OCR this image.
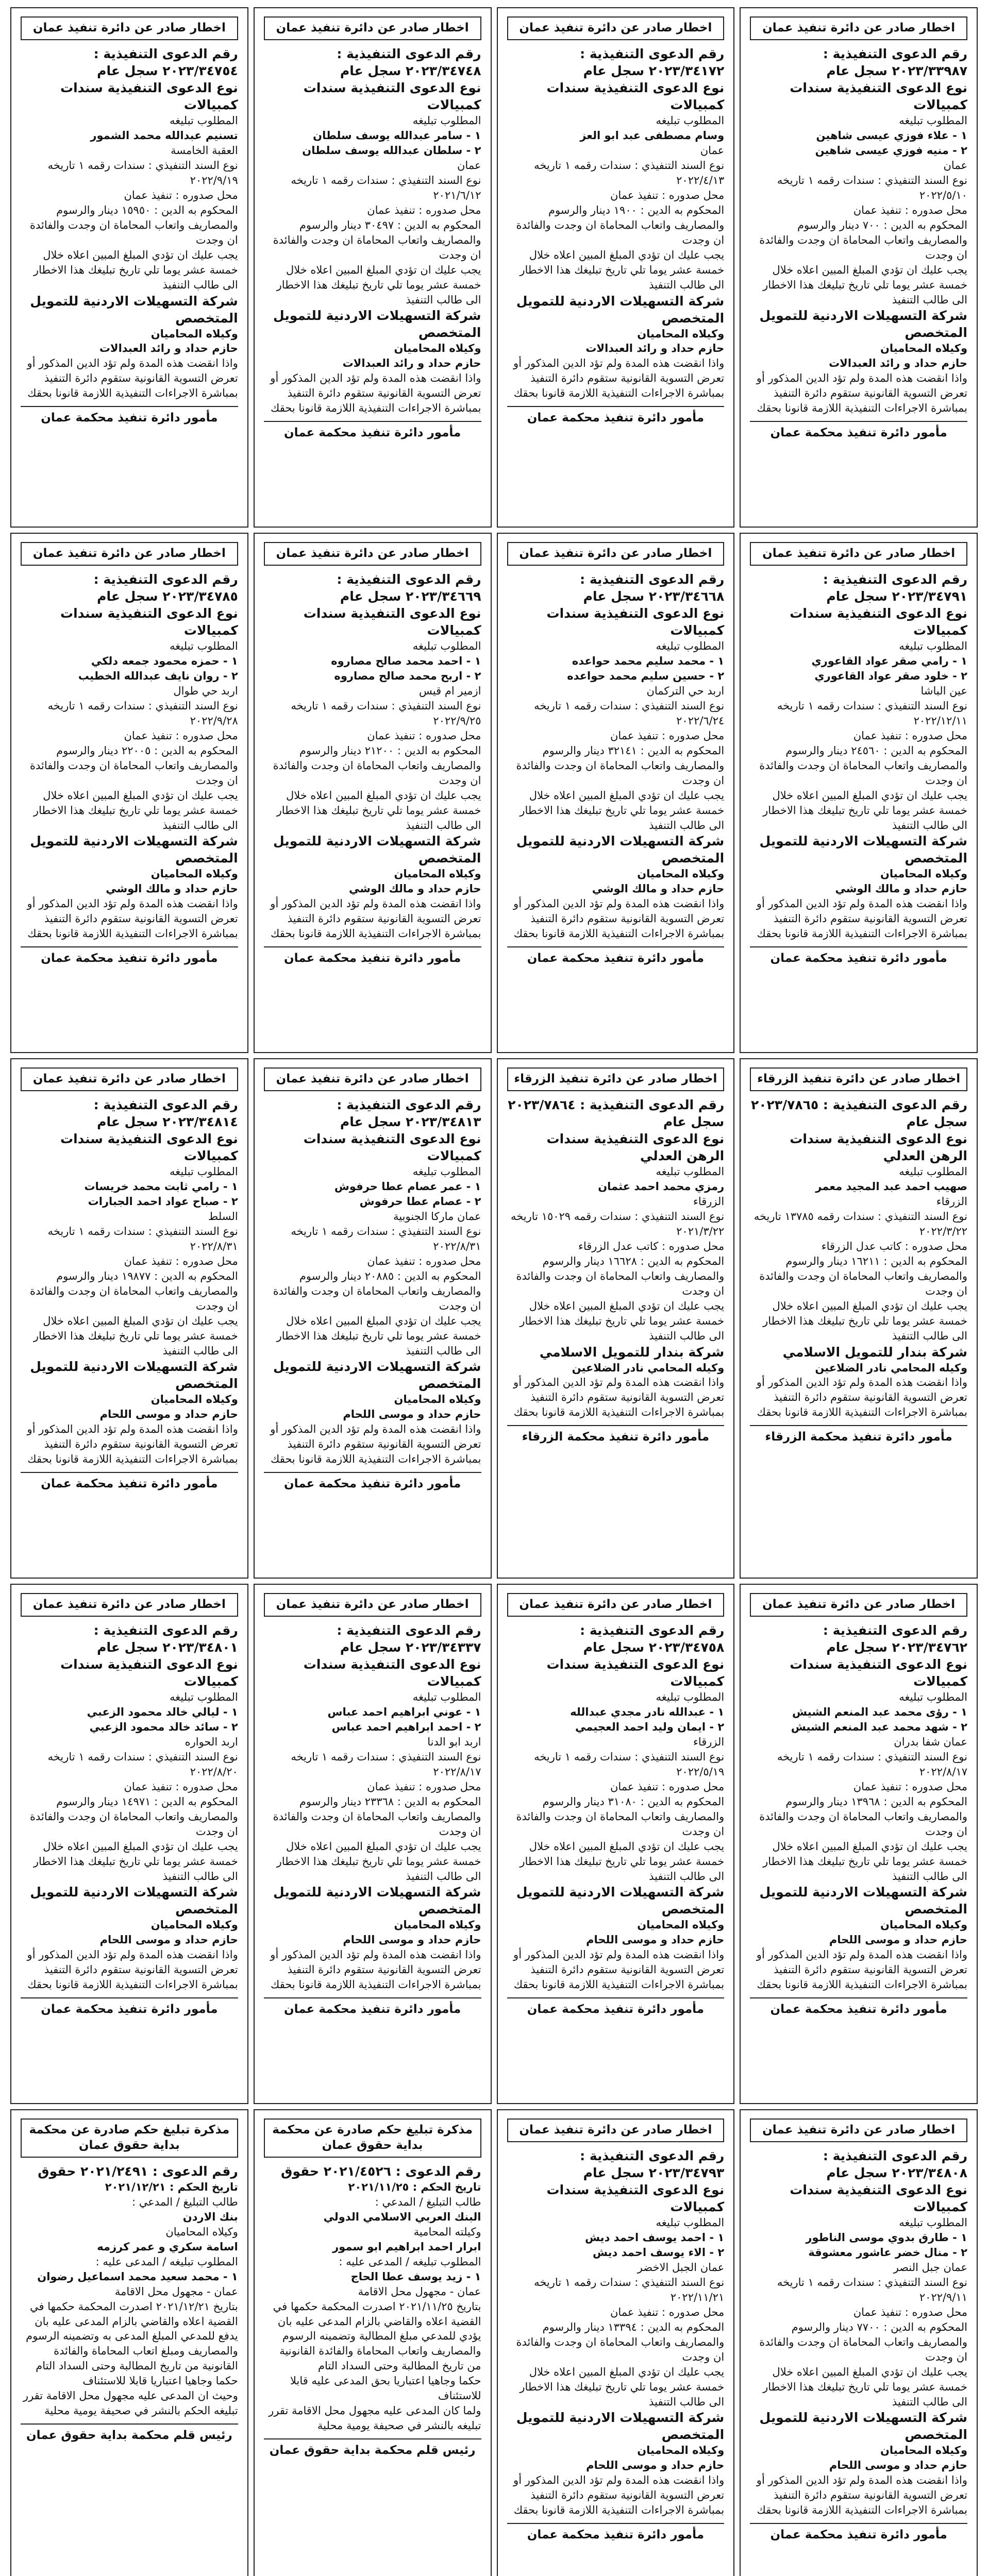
اخطار صادر عن دائرة تنفيذ عمان

رقم الدعوى التنفيذية : ٢٠٢٣/٣٣٩٨٧ سجل عام

نوع الدعوى التنفيذية سندات كمبيالات

المطلوب تبليغه

١ - علاء فوزي عيسى شاهين

٢ - منيه فوزي عيسى شاهين

عمان

نوع السند التنفيذي : سندات رقمه ١ تاريخه ٢٠٢٢/٥/١٠

محل صدوره : تنفيذ عمان

المحكوم به الدين : ٧٠٠ دينار والرسوم والمصاريف واتعاب المحاماة ان وجدت والفائدة ان وجدت

يجب عليك ان تؤدي المبلغ المبين اعلاه خلال خمسة عشر يوما تلي تاريخ تبليغك هذا الاخطار الى طالب التنفيذ

شركة التسهيلات الاردنية للتمويل المتخصص

وكيلاه المحاميان

حازم حداد و رائد العبدالات

واذا انقضت هذه المدة ولم تؤد الدين المذكور أو تعرض التسوية القانونية ستقوم دائرة التنفيذ بمباشرة الاجراءات التنفيذية اللازمة قانونا بحقك

مأمور دائرة تنفيذ محكمة عمان
اخطار صادر عن دائرة تنفيذ عمان

رقم الدعوى التنفيذية : ٢٠٢٣/٣٤١٧٢ سجل عام

نوع الدعوى التنفيذية سندات كمبيالات

المطلوب تبليغه

وسام مصطفى عبد ابو العز

عمان

نوع السند التنفيذي : سندات رقمه ١ تاريخه ٢٠٢٢/٤/١٣

محل صدوره : تنفيذ عمان

المحكوم به الدين : ١٩٠٠ دينار والرسوم والمصاريف واتعاب المحاماة ان وجدت والفائدة ان وجدت

يجب عليك ان تؤدي المبلغ المبين اعلاه خلال خمسة عشر يوما تلي تاريخ تبليغك هذا الاخطار الى طالب التنفيذ

شركة التسهيلات الاردنية للتمويل المتخصص

وكيلاه المحاميان

حازم حداد و رائد العبدالات

واذا انقضت هذه المدة ولم تؤد الدين المذكور أو تعرض التسوية القانونية ستقوم دائرة التنفيذ بمباشرة الاجراءات التنفيذية اللازمة قانونا بحقك

مأمور دائرة تنفيذ محكمة عمان
اخطار صادر عن دائرة تنفيذ عمان

رقم الدعوى التنفيذية : ٢٠٢٣/٣٤٧٤٨ سجل عام

نوع الدعوى التنفيذية سندات كمبيالات

المطلوب تبليغه

١ - سامر عبدالله يوسف سلطان

٢ - سلطان عبدالله يوسف سلطان

عمان

نوع السند التنفيذي : سندات رقمه ١ تاريخه ٢٠٢١/٦/١٢

محل صدوره : تنفيذ عمان

المحكوم به الدين : ٣٠٤٩٧ دينار والرسوم والمصاريف واتعاب المحاماة ان وجدت والفائدة ان وجدت

يجب عليك ان تؤدي المبلغ المبين اعلاه خلال خمسة عشر يوما تلي تاريخ تبليغك هذا الاخطار الى طالب التنفيذ

شركة التسهيلات الاردنية للتمويل المتخصص

وكيلاه المحاميان

حازم حداد و رائد العبدالات

واذا انقضت هذه المدة ولم تؤد الدين المذكور أو تعرض التسوية القانونية ستقوم دائرة التنفيذ بمباشرة الاجراءات التنفيذية اللازمة قانونا بحقك

مأمور دائرة تنفيذ محكمة عمان
اخطار صادر عن دائرة تنفيذ عمان

رقم الدعوى التنفيذية : ٢٠٢٣/٣٤٧٥٤ سجل عام

نوع الدعوى التنفيذية سندات كمبيالات

المطلوب تبليغه

تسنيم عبدالله محمد الشمور

العقبة الخامسة

نوع السند التنفيذي : سندات رقمه ١ تاريخه ٢٠٢٢/٩/١٩

محل صدوره : تنفيذ عمان

المحكوم به الدين : ١٥٩٥٠ دينار والرسوم والمصاريف واتعاب المحاماة ان وجدت والفائدة ان وجدت

يجب عليك ان تؤدي المبلغ المبين اعلاه خلال خمسة عشر يوما تلي تاريخ تبليغك هذا الاخطار الى طالب التنفيذ

شركة التسهيلات الاردنية للتمويل المتخصص

وكيلاه المحاميان

حازم حداد و رائد العبدالات

واذا انقضت هذه المدة ولم تؤد الدين المذكور أو تعرض التسوية القانونية ستقوم دائرة التنفيذ بمباشرة الاجراءات التنفيذية اللازمة قانونا بحقك

مأمور دائرة تنفيذ محكمة عمان
اخطار صادر عن دائرة تنفيذ عمان

رقم الدعوى التنفيذية : ٢٠٢٣/٣٤٧٩١ سجل عام

نوع الدعوى التنفيذية سندات كمبيالات

المطلوب تبليغه

١ - رامي صقر عواد القاعوري

٢ - خلود صقر عواد القاعوري

عين الباشا

نوع السند التنفيذي : سندات رقمه ١ تاريخه ٢٠٢٢/١٢/١١

محل صدوره : تنفيذ عمان

المحكوم به الدين : ٢٤٥٦٠ دينار والرسوم والمصاريف واتعاب المحاماة ان وجدت والفائدة ان وجدت

يجب عليك ان تؤدي المبلغ المبين اعلاه خلال خمسة عشر يوما تلي تاريخ تبليغك هذا الاخطار الى طالب التنفيذ

شركة التسهيلات الاردنية للتمويل المتخصص

وكيلاه المحاميان

حازم حداد و مالك الوشي

واذا انقضت هذه المدة ولم تؤد الدين المذكور أو تعرض التسوية القانونية ستقوم دائرة التنفيذ بمباشرة الاجراءات التنفيذية اللازمة قانونا بحقك

مأمور دائرة تنفيذ محكمة عمان
اخطار صادر عن دائرة تنفيذ عمان

رقم الدعوى التنفيذية : ٢٠٢٣/٣٤٦٦٨ سجل عام

نوع الدعوى التنفيذية سندات كمبيالات

المطلوب تبليغه

١ - محمد سليم محمد حواعده

٢ - حسين سليم محمد حواعده

اربد حي التركمان

نوع السند التنفيذي : سندات رقمه ١ تاريخه ٢٠٢٢/٦/٢٤

محل صدوره : تنفيذ عمان

المحكوم به الدين : ٣٢١٤١ دينار والرسوم والمصاريف واتعاب المحاماة ان وجدت والفائدة ان وجدت

يجب عليك ان تؤدي المبلغ المبين اعلاه خلال خمسة عشر يوما تلي تاريخ تبليغك هذا الاخطار الى طالب التنفيذ

شركة التسهيلات الاردنية للتمويل المتخصص

وكيلاه المحاميان

حازم حداد و مالك الوشي

واذا انقضت هذه المدة ولم تؤد الدين المذكور أو تعرض التسوية القانونية ستقوم دائرة التنفيذ بمباشرة الاجراءات التنفيذية اللازمة قانونا بحقك

مأمور دائرة تنفيذ محكمة عمان
اخطار صادر عن دائرة تنفيذ عمان

رقم الدعوى التنفيذية : ٢٠٢٣/٣٤٦٦٩ سجل عام

نوع الدعوى التنفيذية سندات كمبيالات

المطلوب تبليغه

١ - احمد محمد صالح مصاروه

٢ - اربح محمد صالح مصاروه

ازمير ام قيس

نوع السند التنفيذي : سندات رقمه ١ تاريخه ٢٠٢٢/٩/٢٥

محل صدوره : تنفيذ عمان

المحكوم به الدين : ٢١٢٠٠ دينار والرسوم والمصاريف واتعاب المحاماة ان وجدت والفائدة ان وجدت

يجب عليك ان تؤدي المبلغ المبين اعلاه خلال خمسة عشر يوما تلي تاريخ تبليغك هذا الاخطار الى طالب التنفيذ

شركة التسهيلات الاردنية للتمويل المتخصص

وكيلاه المحاميان

حازم حداد و مالك الوشي

واذا انقضت هذه المدة ولم تؤد الدين المذكور أو تعرض التسوية القانونية ستقوم دائرة التنفيذ بمباشرة الاجراءات التنفيذية اللازمة قانونا بحقك

مأمور دائرة تنفيذ محكمة عمان
اخطار صادر عن دائرة تنفيذ عمان

رقم الدعوى التنفيذية : ٢٠٢٣/٣٤٧٨٥ سجل عام

نوع الدعوى التنفيذية سندات كمبيالات

المطلوب تبليغه

١ - حمزه محمود جمعه دلكي

٢ - روان نايف عبدالله الخطيب

اربد حي طوال

نوع السند التنفيذي : سندات رقمه ١ تاريخه ٢٠٢٢/٩/٢٨

محل صدوره : تنفيذ عمان

المحكوم به الدين : ٢٢٠٠٥ دينار والرسوم والمصاريف واتعاب المحاماة ان وجدت والفائدة ان وجدت

يجب عليك ان تؤدي المبلغ المبين اعلاه خلال خمسة عشر يوما تلي تاريخ تبليغك هذا الاخطار الى طالب التنفيذ

شركة التسهيلات الاردنية للتمويل المتخصص

وكيلاه المحاميان

حازم حداد و مالك الوشي

واذا انقضت هذه المدة ولم تؤد الدين المذكور أو تعرض التسوية القانونية ستقوم دائرة التنفيذ بمباشرة الاجراءات التنفيذية اللازمة قانونا بحقك

مأمور دائرة تنفيذ محكمة عمان
اخطار صادر عن دائرة تنفيذ الزرقاء

رقم الدعوى التنفيذية : ٢٠٢٣/٧٨٦٥ سجل عام

نوع الدعوى التنفيذية سندات الرهن العدلي

المطلوب تبليغه

صهيب احمد عبد المجيد معمر

الزرقاء

نوع السند التنفيذي : سندات رقمه ١٣٧٨٥ تاريخه ٢٠٢٢/٣/٢٢

محل صدوره : كاتب عدل الزرقاء

المحكوم به الدين : ١٦٢١١ دينار والرسوم والمصاريف واتعاب المحاماة ان وجدت والفائدة ان وجدت

يجب عليك ان تؤدي المبلغ المبين اعلاه خلال خمسة عشر يوما تلي تاريخ تبليغك هذا الاخطار الى طالب التنفيذ

شركة بندار للتمويل الاسلامي

وكيله المحامي نادر الضلاعين

واذا انقضت هذه المدة ولم تؤد الدين المذكور أو تعرض التسوية القانونية ستقوم دائرة التنفيذ بمباشرة الاجراءات التنفيذية اللازمة قانونا بحقك

مأمور دائرة تنفيذ محكمة الزرقاء
اخطار صادر عن دائرة تنفيذ الزرقاء

رقم الدعوى التنفيذية : ٢٠٢٣/٧٨٦٤ سجل عام

نوع الدعوى التنفيذية سندات الرهن العدلي

المطلوب تبليغه

رمزي محمد احمد عثمان

الزرقاء

نوع السند التنفيذي : سندات رقمه ١٥٠٢٩ تاريخه ٢٠٢١/٣/٢٢

محل صدوره : كاتب عدل الزرقاء

المحكوم به الدين : ١٦٦٢٨ دينار والرسوم والمصاريف واتعاب المحاماة ان وجدت والفائدة ان وجدت

يجب عليك ان تؤدي المبلغ المبين اعلاه خلال خمسة عشر يوما تلي تاريخ تبليغك هذا الاخطار الى طالب التنفيذ

شركة بندار للتمويل الاسلامي

وكيله المحامي نادر الضلاعين

واذا انقضت هذه المدة ولم تؤد الدين المذكور أو تعرض التسوية القانونية ستقوم دائرة التنفيذ بمباشرة الاجراءات التنفيذية اللازمة قانونا بحقك

مأمور دائرة تنفيذ محكمة الزرقاء
اخطار صادر عن دائرة تنفيذ عمان

رقم الدعوى التنفيذية : ٢٠٢٣/٣٤٨١٣ سجل عام

نوع الدعوى التنفيذية سندات كمبيالات

المطلوب تبليغه

١ - عمر عصام عطا حرفوش

٢ - عصام عطا حرفوش

عمان ماركا الجنوبية

نوع السند التنفيذي : سندات رقمه ١ تاريخه ٢٠٢٢/٨/٣١

محل صدوره : تنفيذ عمان

المحكوم به الدين : ٢٠٨٨٥ دينار والرسوم والمصاريف واتعاب المحاماة ان وجدت والفائدة ان وجدت

يجب عليك ان تؤدي المبلغ المبين اعلاه خلال خمسة عشر يوما تلي تاريخ تبليغك هذا الاخطار الى طالب التنفيذ

شركة التسهيلات الاردنية للتمويل المتخصص

وكيلاه المحاميان

حازم حداد و موسى اللحام

واذا انقضت هذه المدة ولم تؤد الدين المذكور أو تعرض التسوية القانونية ستقوم دائرة التنفيذ بمباشرة الاجراءات التنفيذية اللازمة قانونا بحقك

مأمور دائرة تنفيذ محكمة عمان
اخطار صادر عن دائرة تنفيذ عمان

رقم الدعوى التنفيذية : ٢٠٢٣/٣٤٨١٤ سجل عام

نوع الدعوى التنفيذية سندات كمبيالات

المطلوب تبليغه

١ - رامي ثابت محمد خريسات

٢ - صباح عواد احمد الجبارات

السلط

نوع السند التنفيذي : سندات رقمه ١ تاريخه ٢٠٢٢/٨/٣١

محل صدوره : تنفيذ عمان

المحكوم به الدين : ١٩٨٧٧ دينار والرسوم والمصاريف واتعاب المحاماة ان وجدت والفائدة ان وجدت

يجب عليك ان تؤدي المبلغ المبين اعلاه خلال خمسة عشر يوما تلي تاريخ تبليغك هذا الاخطار الى طالب التنفيذ

شركة التسهيلات الاردنية للتمويل المتخصص

وكيلاه المحاميان

حازم حداد و موسى اللحام

واذا انقضت هذه المدة ولم تؤد الدين المذكور أو تعرض التسوية القانونية ستقوم دائرة التنفيذ بمباشرة الاجراءات التنفيذية اللازمة قانونا بحقك

مأمور دائرة تنفيذ محكمة عمان
اخطار صادر عن دائرة تنفيذ عمان

رقم الدعوى التنفيذية : ٢٠٢٣/٣٤٧٦٢ سجل عام

نوع الدعوى التنفيذية سندات كمبيالات

المطلوب تبليغه

١ - رؤى محمد عبد المنعم الشيش

٢ - شهد محمد عبد المنعم الشيش

عمان شفا بدران

نوع السند التنفيذي : سندات رقمه ١ تاريخه ٢٠٢٢/٨/١٧

محل صدوره : تنفيذ عمان

المحكوم به الدين : ١٣٩٦٨ دينار والرسوم والمصاريف واتعاب المحاماة ان وجدت والفائدة ان وجدت

يجب عليك ان تؤدي المبلغ المبين اعلاه خلال خمسة عشر يوما تلي تاريخ تبليغك هذا الاخطار الى طالب التنفيذ

شركة التسهيلات الاردنية للتمويل المتخصص

وكيلاه المحاميان

حازم حداد و موسى اللحام

واذا انقضت هذه المدة ولم تؤد الدين المذكور أو تعرض التسوية القانونية ستقوم دائرة التنفيذ بمباشرة الاجراءات التنفيذية اللازمة قانونا بحقك

مأمور دائرة تنفيذ محكمة عمان
اخطار صادر عن دائرة تنفيذ عمان

رقم الدعوى التنفيذية : ٢٠٢٣/٣٤٧٥٨ سجل عام

نوع الدعوى التنفيذية سندات كمبيالات

المطلوب تبليغه

١ - عبدالله نادر مجدي عبدالله

٢ - ايمان وليد احمد العجيمي

الزرقاء

نوع السند التنفيذي : سندات رقمه ١ تاريخه ٢٠٢٢/٥/١٩

محل صدوره : تنفيذ عمان

المحكوم به الدين : ٣١٠٨٠ دينار والرسوم والمصاريف واتعاب المحاماة ان وجدت والفائدة ان وجدت

يجب عليك ان تؤدي المبلغ المبين اعلاه خلال خمسة عشر يوما تلي تاريخ تبليغك هذا الاخطار الى طالب التنفيذ

شركة التسهيلات الاردنية للتمويل المتخصص

وكيلاه المحاميان

حازم حداد و موسى اللحام

واذا انقضت هذه المدة ولم تؤد الدين المذكور أو تعرض التسوية القانونية ستقوم دائرة التنفيذ بمباشرة الاجراءات التنفيذية اللازمة قانونا بحقك

مأمور دائرة تنفيذ محكمة عمان
اخطار صادر عن دائرة تنفيذ عمان

رقم الدعوى التنفيذية : ٢٠٢٣/٣٤٣٣٧ سجل عام

نوع الدعوى التنفيذية سندات كمبيالات

المطلوب تبليغه

١ - عوني ابراهيم احمد عباس

٢ - احمد ابراهيم احمد عباس

اربد ابو الدنا

نوع السند التنفيذي : سندات رقمه ١ تاريخه ٢٠٢٢/٨/١٧

محل صدوره : تنفيذ عمان

المحكوم به الدين : ٢٣٣٦٨ دينار والرسوم والمصاريف واتعاب المحاماة ان وجدت والفائدة ان وجدت

يجب عليك ان تؤدي المبلغ المبين اعلاه خلال خمسة عشر يوما تلي تاريخ تبليغك هذا الاخطار الى طالب التنفيذ

شركة التسهيلات الاردنية للتمويل المتخصص

وكيلاه المحاميان

حازم حداد و موسى اللحام

واذا انقضت هذه المدة ولم تؤد الدين المذكور أو تعرض التسوية القانونية ستقوم دائرة التنفيذ بمباشرة الاجراءات التنفيذية اللازمة قانونا بحقك

مأمور دائرة تنفيذ محكمة عمان
اخطار صادر عن دائرة تنفيذ عمان

رقم الدعوى التنفيذية : ٢٠٢٣/٣٤٨٠١ سجل عام

نوع الدعوى التنفيذية سندات كمبيالات

المطلوب تبليغه

١ - ليالي خالد محمود الزعبي

٢ - سائد خالد محمود الزعبي

اربد الحواره

نوع السند التنفيذي : سندات رقمه ١ تاريخه ٢٠٢٢/٨/٢٠

محل صدوره : تنفيذ عمان

المحكوم به الدين : ١٤٩٧١ دينار والرسوم والمصاريف واتعاب المحاماة ان وجدت والفائدة ان وجدت

يجب عليك ان تؤدي المبلغ المبين اعلاه خلال خمسة عشر يوما تلي تاريخ تبليغك هذا الاخطار الى طالب التنفيذ

شركة التسهيلات الاردنية للتمويل المتخصص

وكيلاه المحاميان

حازم حداد و موسى اللحام

واذا انقضت هذه المدة ولم تؤد الدين المذكور أو تعرض التسوية القانونية ستقوم دائرة التنفيذ بمباشرة الاجراءات التنفيذية اللازمة قانونا بحقك

مأمور دائرة تنفيذ محكمة عمان
اخطار صادر عن دائرة تنفيذ عمان

رقم الدعوى التنفيذية : ٢٠٢٣/٣٤٨٠٨ سجل عام

نوع الدعوى التنفيذية سندات كمبيالات

المطلوب تبليغه

١ - طارق بدوي موسى الناطور

٢ - منال خضر عاشور معشوقة

عمان جبل النصر

نوع السند التنفيذي : سندات رقمه ١ تاريخه ٢٠٢٢/٩/١١

محل صدوره : تنفيذ عمان

المحكوم به الدين : ٧٧٠٠ دينار والرسوم والمصاريف واتعاب المحاماة ان وجدت والفائدة ان وجدت

يجب عليك ان تؤدي المبلغ المبين اعلاه خلال خمسة عشر يوما تلي تاريخ تبليغك هذا الاخطار الى طالب التنفيذ

شركة التسهيلات الاردنية للتمويل المتخصص

وكيلاه المحاميان

حازم حداد و موسى اللحام

واذا انقضت هذه المدة ولم تؤد الدين المذكور أو تعرض التسوية القانونية ستقوم دائرة التنفيذ بمباشرة الاجراءات التنفيذية اللازمة قانونا بحقك

مأمور دائرة تنفيذ محكمة عمان
اخطار صادر عن دائرة تنفيذ عمان

رقم الدعوى التنفيذية : ٢٠٢٣/٣٤٧٩٣ سجل عام

نوع الدعوى التنفيذية سندات كمبيالات

المطلوب تبليغه

١ - احمد يوسف احمد ديش

٢ - الاء يوسف احمد ديش

عمان الجبل الاخضر

نوع السند التنفيذي : سندات رقمه ١ تاريخه ٢٠٢٢/١١/٢١

محل صدوره : تنفيذ عمان

المحكوم به الدين : ١٣٣٩٤ دينار والرسوم والمصاريف واتعاب المحاماة ان وجدت والفائدة ان وجدت

يجب عليك ان تؤدي المبلغ المبين اعلاه خلال خمسة عشر يوما تلي تاريخ تبليغك هذا الاخطار الى طالب التنفيذ

شركة التسهيلات الاردنية للتمويل المتخصص

وكيلاه المحاميان

حازم حداد و موسى اللحام

واذا انقضت هذه المدة ولم تؤد الدين المذكور أو تعرض التسوية القانونية ستقوم دائرة التنفيذ بمباشرة الاجراءات التنفيذية اللازمة قانونا بحقك

مأمور دائرة تنفيذ محكمة عمان
مذكرة تبليغ حكم صادرة عن محكمة بداية حقوق عمان

رقم الدعوى : ٢٠٢١/٤٥٢٦ حقوق

تاريخ الحكم : ٢٠٢١/١١/٢٥

طالب التبليغ / المدعي :

البنك العربي الاسلامي الدولي

وكيلته المحامية

ابرار احمد ابراهيم ابو سمور

المطلوب تبليغه / المدعى عليه :

١ - زيد يوسف عطا الحاج

عمان - مجهول محل الاقامة

بتاريخ ٢٠٢١/١١/٢٥ اصدرت المحكمة حكمها في القضية اعلاه والقاضي بالزام المدعى عليه بان يؤدي للمدعي مبلغ المطالبة وتضمينه الرسوم والمصاريف واتعاب المحاماة والفائدة القانونية من تاريخ المطالبة وحتى السداد التام

حكما وجاهيا اعتباريا بحق المدعى عليه قابلا للاستئناف

ولما كان المدعى عليه مجهول محل الاقامة تقرر تبليغه بالنشر في صحيفة يومية محلية

رئيس قلم محكمة بداية حقوق عمان
مذكرة تبليغ حكم صادرة عن محكمة بداية حقوق عمان

رقم الدعوى : ٢٠٢١/٢٤٩١ حقوق

تاريخ الحكم : ٢٠٢١/١٢/٢١

طالب التبليغ / المدعي :

بنك الاردن

وكيلاه المحاميان

اسامة سكري و عمر كرزمه

المطلوب تبليغه / المدعى عليه :

١ - محمد سعيد محمد اسماعيل رضوان

عمان - مجهول محل الاقامة

بتاريخ ٢٠٢١/١٢/٢١ اصدرت المحكمة حكمها في القضية اعلاه والقاضي بالزام المدعى عليه بان يدفع للمدعي المبلغ المدعى به وتضمينه الرسوم والمصاريف ومبلغ اتعاب المحاماة والفائدة القانونية من تاريخ المطالبة وحتى السداد التام

حكما وجاهيا اعتباريا قابلا للاستئناف

وحيث ان المدعى عليه مجهول محل الاقامة تقرر تبليغه الحكم بالنشر في صحيفة يومية محلية

رئيس قلم محكمة بداية حقوق عمان
